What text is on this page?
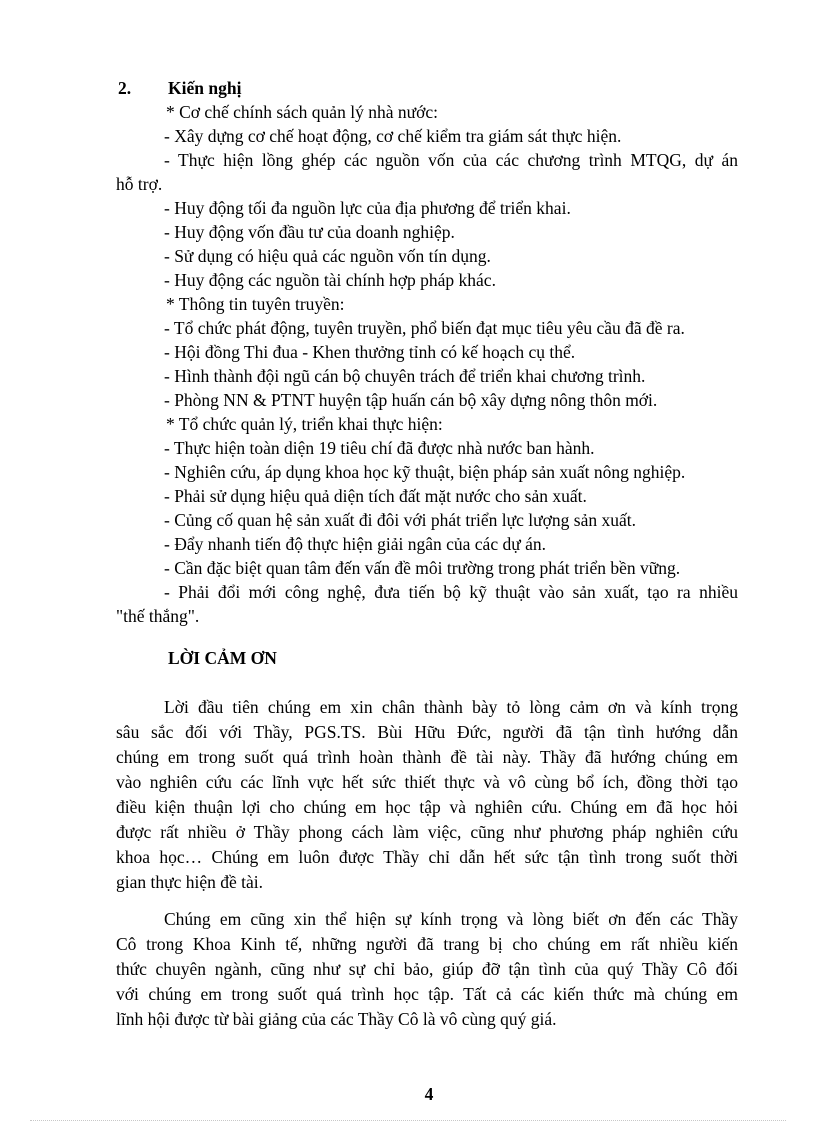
2. Kiến nghị
* Cơ chế chính sách quản lý nhà nước:
- Xây dựng cơ chế hoạt động, cơ chế kiểm tra giám sát thực hiện.
- Thực hiện lồng ghép các nguồn vốn của các chương trình MTQG, dự án
hỗ trợ.
- Huy động tối đa nguồn lực của địa phương để triển khai.
- Huy động vốn đầu tư của doanh nghiệp.
- Sử dụng có hiệu quả các nguồn vốn tín dụng.
- Huy động các nguồn tài chính hợp pháp khác.
* Thông tin tuyên truyền:
- Tổ chức phát động, tuyên truyền, phổ biến đạt mục tiêu yêu cầu đã đề ra.
- Hội đồng Thi đua - Khen thưởng tỉnh có kế hoạch cụ thể.
- Hình thành đội ngũ cán bộ chuyên trách để triển khai chương trình.
- Phòng NN & PTNT huyện tập huấn cán bộ xây dựng nông thôn mới.
* Tổ chức quản lý, triển khai thực hiện:
- Thực hiện toàn diện 19 tiêu chí đã được nhà nước ban hành.
- Nghiên cứu, áp dụng khoa học kỹ thuật, biện pháp sản xuất nông nghiệp.
- Phải sử dụng hiệu quả diện tích đất mặt nước cho sản xuất.
- Củng cố quan hệ sản xuất đi đôi với phát triển lực lượng sản xuất.
- Đẩy nhanh tiến độ thực hiện giải ngân của các dự án.
- Cần đặc biệt quan tâm đến vấn đề môi trường trong phát triển bền vững.
- Phải đổi mới công nghệ, đưa tiến bộ kỹ thuật vào sản xuất, tạo ra nhiều
"thế thắng".
LỜI CẢM ƠN
Lời đầu tiên chúng em xin chân thành bày tỏ lòng cảm ơn và kính trọng
sâu sắc đối với Thầy, PGS.TS. Bùi Hữu Đức, người đã tận tình hướng dẫn
chúng em trong suốt quá trình hoàn thành đề tài này. Thầy đã hướng chúng em
vào nghiên cứu các lĩnh vực hết sức thiết thực và vô cùng bổ ích, đồng thời tạo
điều kiện thuận lợi cho chúng em học tập và nghiên cứu. Chúng em đã học hỏi
được rất nhiều ở Thầy phong cách làm việc, cũng như phương pháp nghiên cứu
khoa học… Chúng em luôn được Thầy chỉ dẫn hết sức tận tình trong suốt thời
gian thực hiện đề tài.
Chúng em cũng xin thể hiện sự kính trọng và lòng biết ơn đến các Thầy
Cô trong Khoa Kinh tế, những người đã trang bị cho chúng em rất nhiều kiến
thức chuyên ngành, cũng như sự chỉ bảo, giúp đỡ tận tình của quý Thầy Cô đối
với chúng em trong suốt quá trình học tập. Tất cả các kiến thức mà chúng em
lĩnh hội được từ bài giảng của các Thầy Cô là vô cùng quý giá.
4
